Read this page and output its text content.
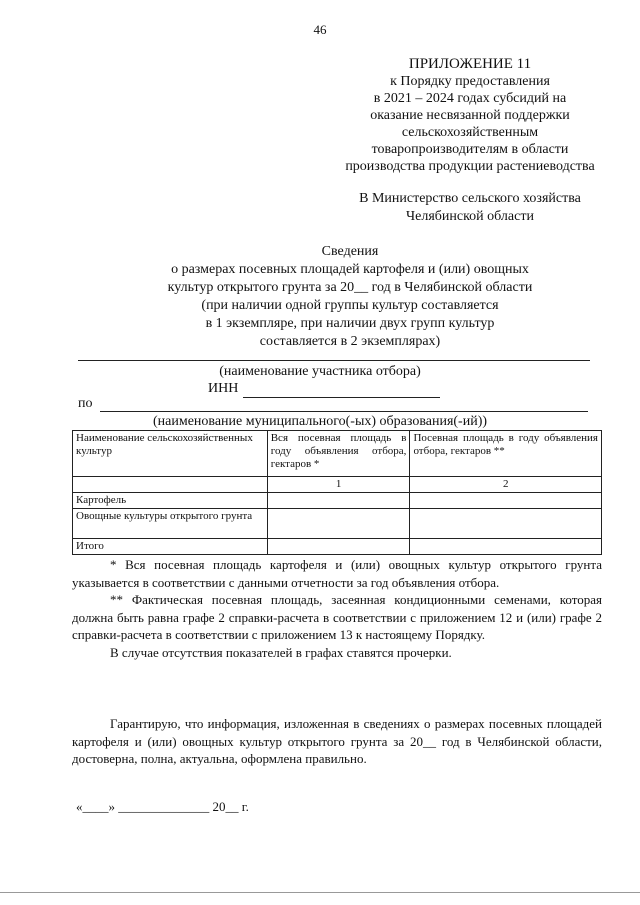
46
ПРИЛОЖЕНИЕ 11
к Порядку предоставления
в 2021 – 2024 годах субсидий на
оказание несвязанной поддержки
сельскохозяйственным
товаропроизводителям в области
производства продукции растениеводства
В Министерство сельского хозяйства
Челябинской области
Сведения
о размерах посевных площадей картофеля и (или) овощных
культур открытого грунта за 20__ год в Челябинской области
(при наличии одной группы культур составляется
в 1 экземпляре, при наличии двух групп культур
составляется в 2 экземплярах)
(наименование участника отбора)
ИНН
по
(наименование муниципального(-ых) образования(-ий))
Наименование сельскохозяйственных культур	Вся посевная площадь в году объявления отбора, гектаров *	Посевная площадь в году объявления отбора, гектаров **
	1	2
Картофель		
Овощные культуры открытого грунта		
Итого		

* Вся посевная площадь картофеля и (или) овощных культур открытого грунта указывается в соответствии с данными отчетности за год объявления отбора.

** Фактическая посевная площадь, засеянная кондиционными семенами, которая должна быть равна графе 2 справки-расчета в соответствии с приложением 12 и (или) графе 2 справки-расчета в соответствии с приложением 13 к настоящему Порядку.

В случае отсутствия показателей в графах ставятся прочерки.

Гарантирую, что информация, изложенная в сведениях о размерах посевных площадей картофеля и (или) овощных культур открытого грунта за 20__ год в Челябинской области, достоверна, полна, актуальна, оформлена правильно.

«____» ______________ 20__ г.
